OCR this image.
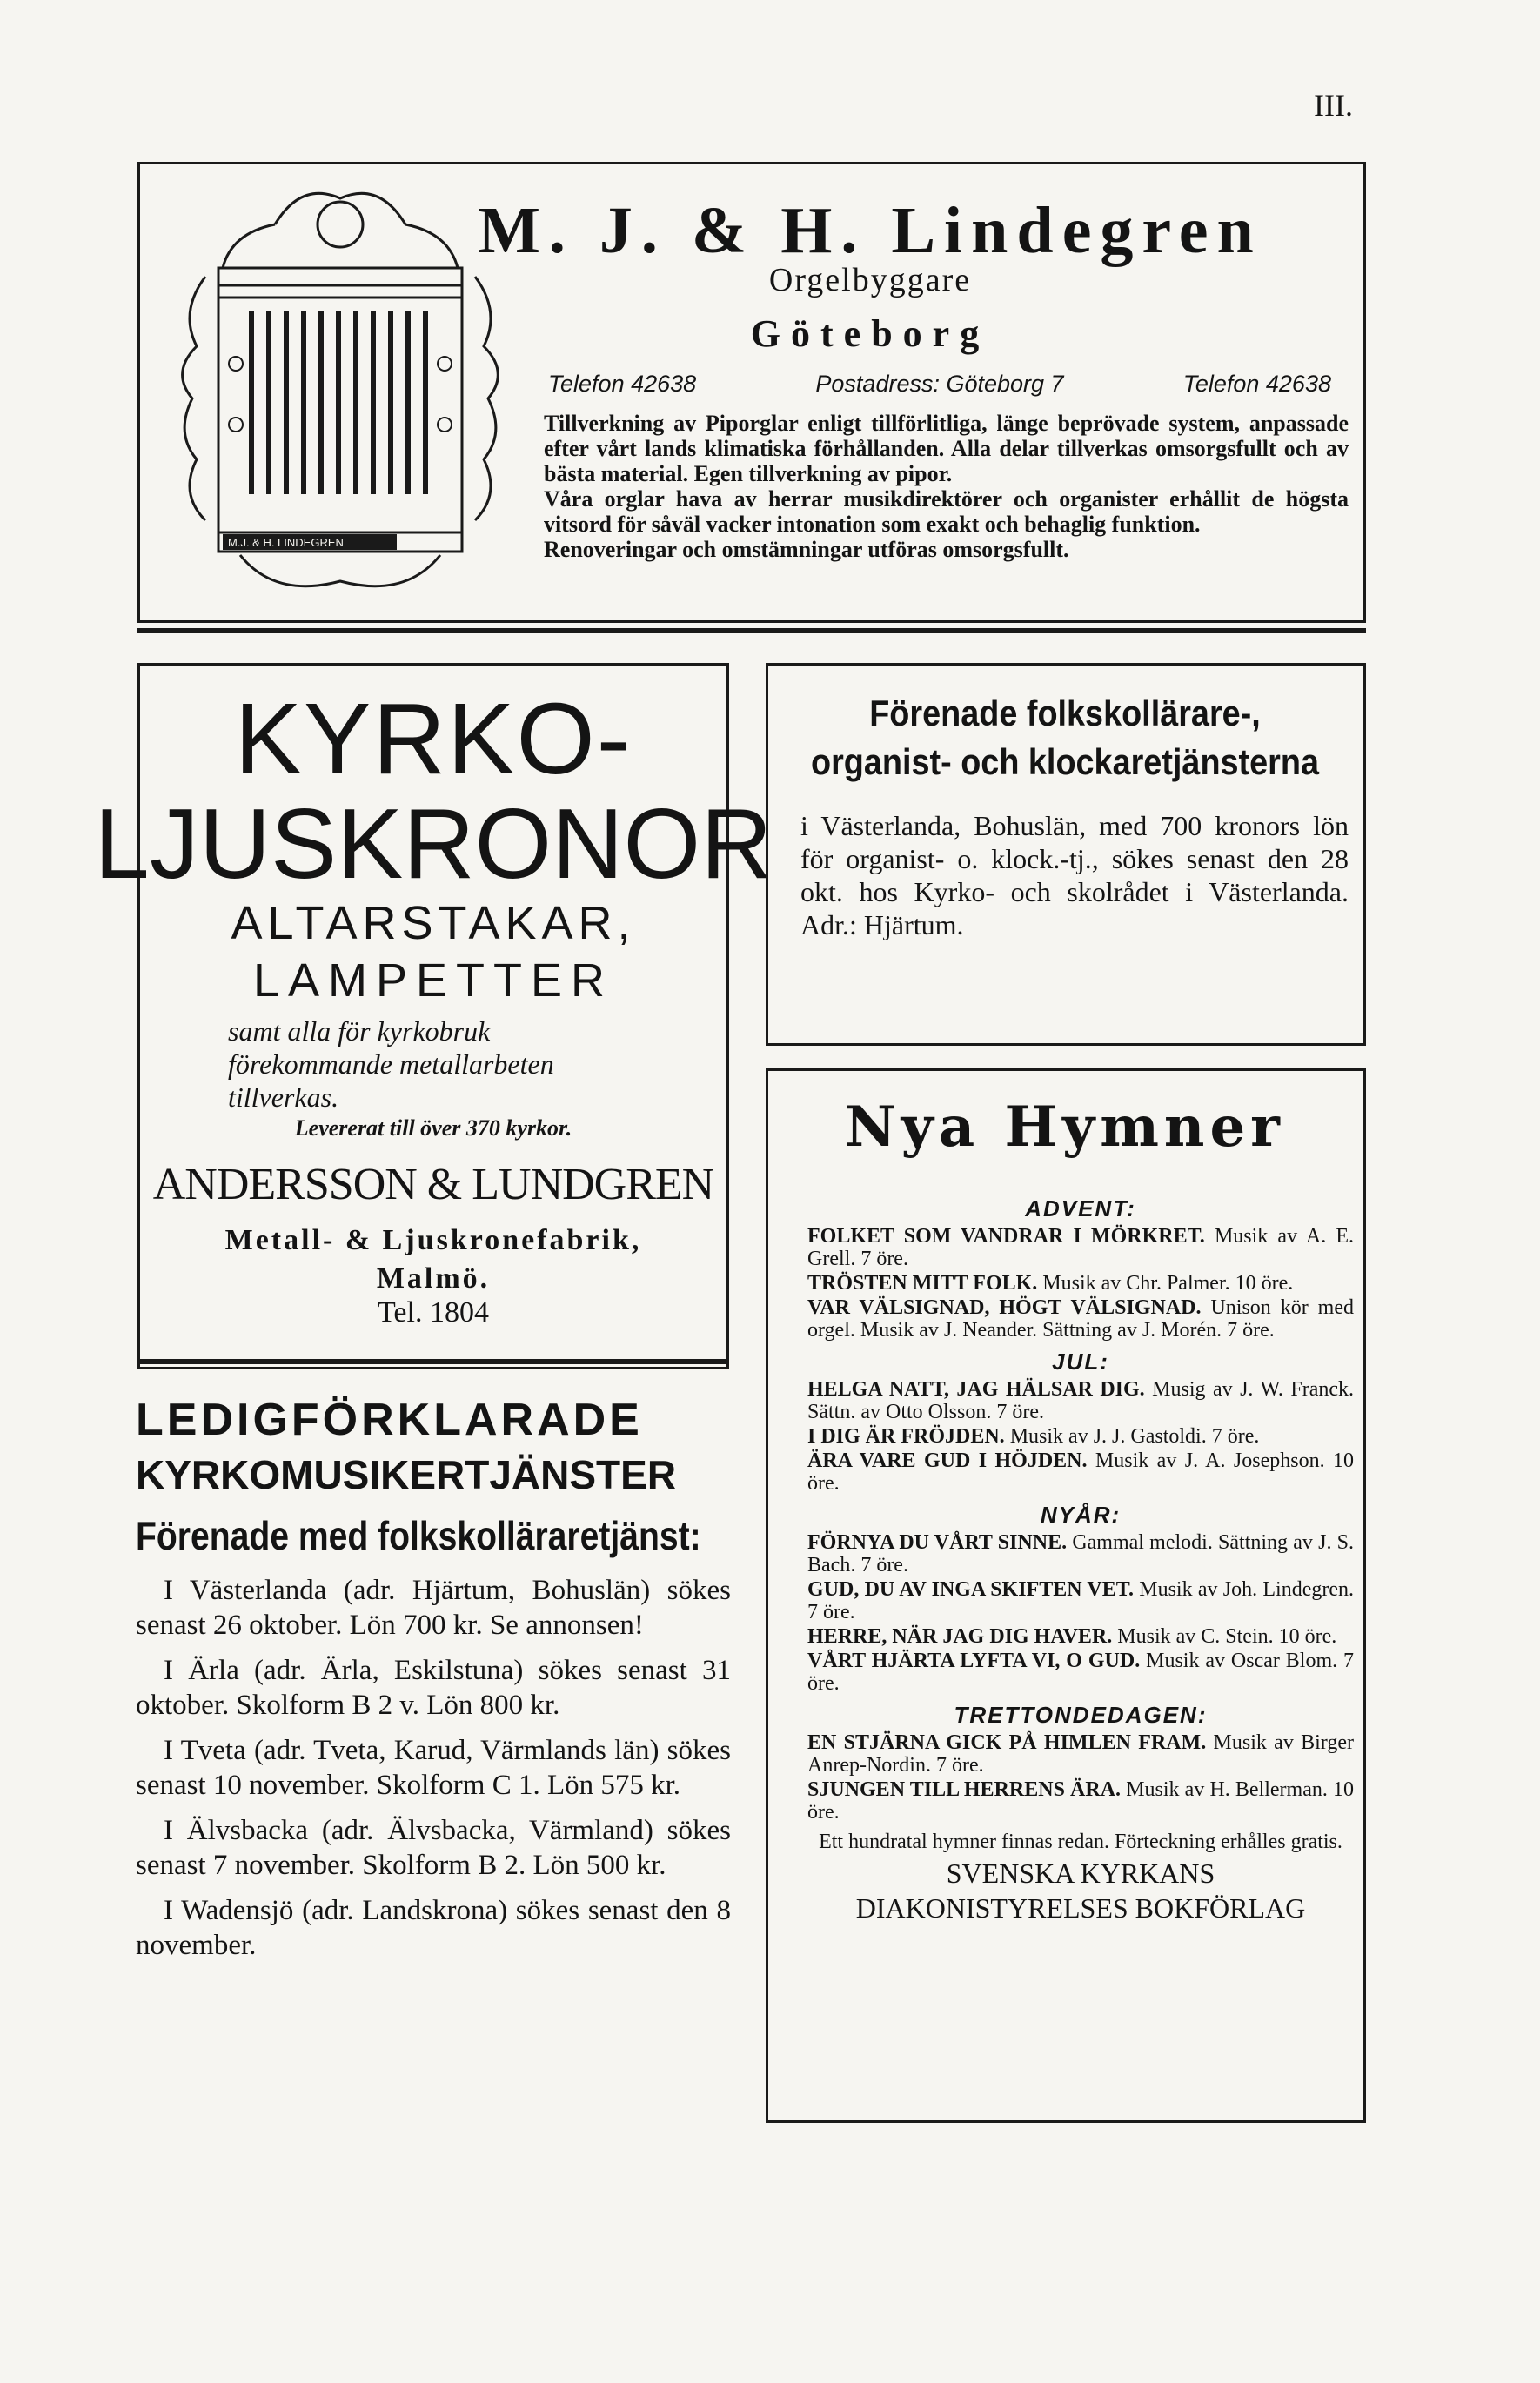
III.
M.J. & H. LINDEGREN
M. J. & H. Lindegren
Orgelbyggare
Göteborg
Telefon 42638	Postadress: Göteborg 7	Telefon 42638
Tillverkning av Piporglar enligt tillförlitliga, länge beprövade system, anpassade efter vårt lands klimatiska förhållanden. Alla delar tillverkas omsorgsfullt och av bästa material. Egen tillverkning av pipor.
Våra orglar hava av herrar musikdirektörer och organister erhållit de högsta vitsord för såväl vacker intonation som exakt och behaglig funktion.
Renoveringar och omstämningar utföras omsorgsfullt.
KYRKO-
LJUSKRONOR
ALTARSTAKAR,
LAMPETTER
samt alla för kyrkobruk förekommande metallarbeten tillverkas.
Levererat till över 370 kyrkor.
ANDERSSON & LUNDGREN
Metall- & Ljuskronefabrik,
Malmö.
Tel. 1804
LEDIGFÖRKLARADE
KYRKOMUSIKERTJÄNSTER
Förenade med folkskolläraretjänst:

I Västerlanda (adr. Hjärtum, Bohuslän) sökes senast 26 oktober. Lön 700 kr. Se annonsen!

I Ärla (adr. Ärla, Eskilstuna) sökes senast 31 oktober. Skolform B 2 v. Lön 800 kr.

I Tveta (adr. Tveta, Karud, Värmlands län) sökes senast 10 november. Skolform C 1. Lön 575 kr.

I Älvsbacka (adr. Älvsbacka, Värmland) sökes senast 7 november. Skolform B 2. Lön 500 kr.

I Wadensjö (adr. Landskrona) sökes senast den 8 november.

Förenade folkskollärare-, organist- och klockaretjänsterna
i Västerlanda, Bohuslän, med 700 kronors lön för organist- o. klock.-tj., sökes senast den 28 okt. hos Kyrko- och skolrådet i Västerlanda. Adr.: Hjärtum.
Nya Hymner
ADVENT:
FOLKET SOM VANDRAR I MÖRKRET. Musik av A. E. Grell. 7 öre.
TRÖSTEN MITT FOLK. Musik av Chr. Palmer. 10 öre.
VAR VÄLSIGNAD, HÖGT VÄLSIGNAD. Unison kör med orgel. Musik av J. Neander. Sättning av J. Morén. 7 öre.
JUL:
HELGA NATT, JAG HÄLSAR DIG. Musig av J. W. Franck. Sättn. av Otto Olsson. 7 öre.
I DIG ÄR FRÖJDEN. Musik av J. J. Gastoldi. 7 öre.
ÄRA VARE GUD I HÖJDEN. Musik av J. A. Josephson. 10 öre.
NYÅR:
FÖRNYA DU VÅRT SINNE. Gammal melodi. Sättning av J. S. Bach. 7 öre.
GUD, DU AV INGA SKIFTEN VET. Musik av Joh. Lindegren. 7 öre.
HERRE, NÄR JAG DIG HAVER. Musik av C. Stein. 10 öre.
VÅRT HJÄRTA LYFTA VI, O GUD. Musik av Oscar Blom. 7 öre.
TRETTONDEDAGEN:
EN STJÄRNA GICK PÅ HIMLEN FRAM. Musik av Birger Anrep-Nordin. 7 öre.
SJUNGEN TILL HERRENS ÄRA. Musik av H. Bellerman. 10 öre.
Ett hundratal hymner finnas redan. Förteckning erhålles gratis.
SVENSKA KYRKANS
DIAKONISTYRELSES BOKFÖRLAG
